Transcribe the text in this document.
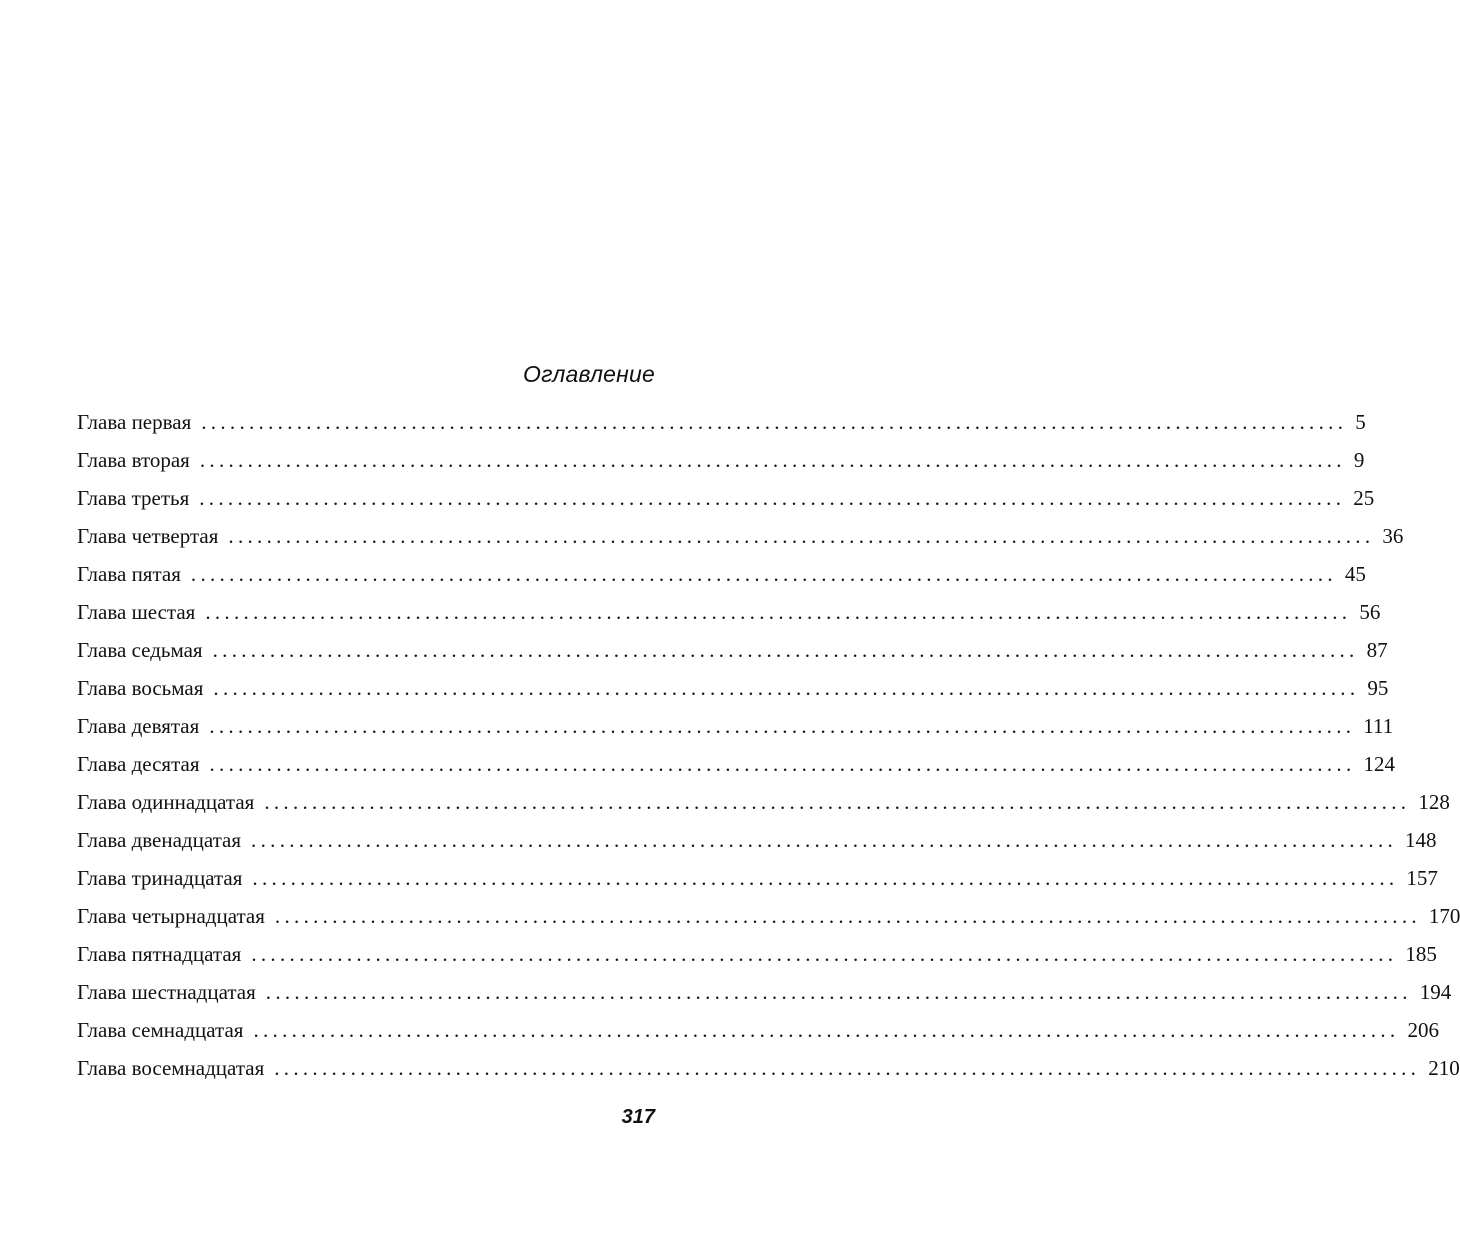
Оглавление
Глава первая ........................................................................................................................ 5
Глава вторая ........................................................................................................................ 9
Глава третья ........................................................................................................................ 25
Глава четвертая ........................................................................................................................ 36
Глава пятая ........................................................................................................................ 45
Глава шестая ........................................................................................................................ 56
Глава седьмая ........................................................................................................................ 87
Глава восьмая ........................................................................................................................ 95
Глава девятая ........................................................................................................................ 111
Глава десятая ........................................................................................................................ 124
Глава одиннадцатая ........................................................................................................................ 128
Глава двенадцатая ........................................................................................................................ 148
Глава тринадцатая ........................................................................................................................ 157
Глава четырнадцатая ........................................................................................................................ 170
Глава пятнадцатая ........................................................................................................................ 185
Глава шестнадцатая ........................................................................................................................ 194
Глава семнадцатая ........................................................................................................................ 206
Глава восемнадцатая ........................................................................................................................ 210
317
